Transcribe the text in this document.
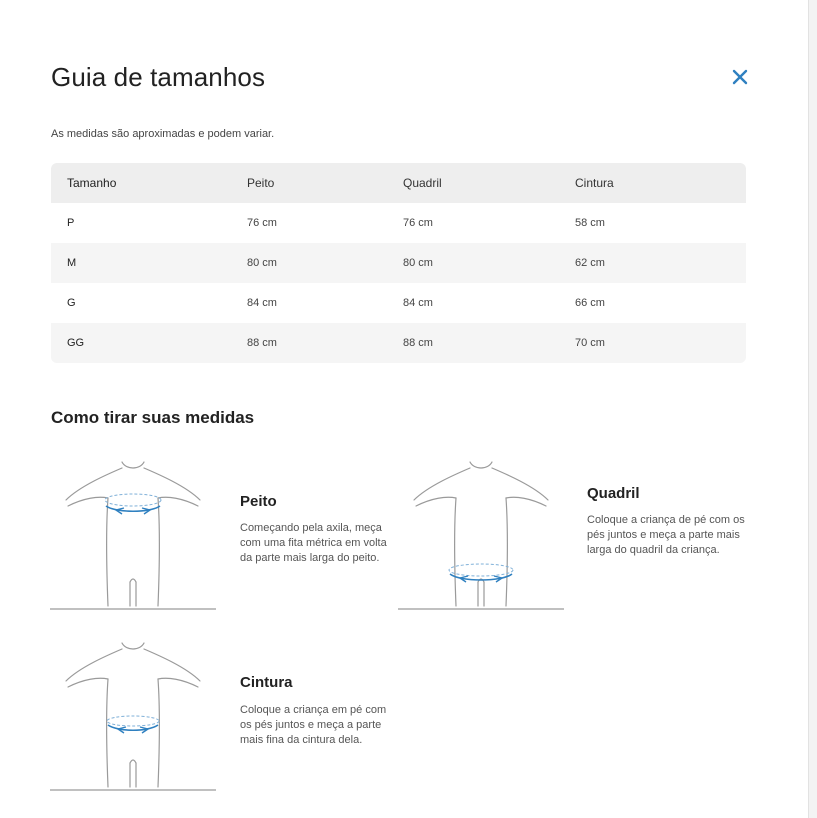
Guia de tamanhos

As medidas são aproximadas e podem variar.

Tamanho	Peito	Quadril	Cintura
P	76 cm	76 cm	58 cm
M	80 cm	80 cm	62 cm
G	84 cm	84 cm	66 cm
GG	88 cm	88 cm	70 cm
Como tirar suas medidas
Peito
Começando pela axila, meça com uma fita métrica em volta da parte mais larga do peito.
Quadril
Coloque a criança de pé com os pés juntos e meça a parte mais larga do quadril da criança.
Cintura
Coloque a criança em pé com os pés juntos e meça a parte mais fina da cintura dela.
